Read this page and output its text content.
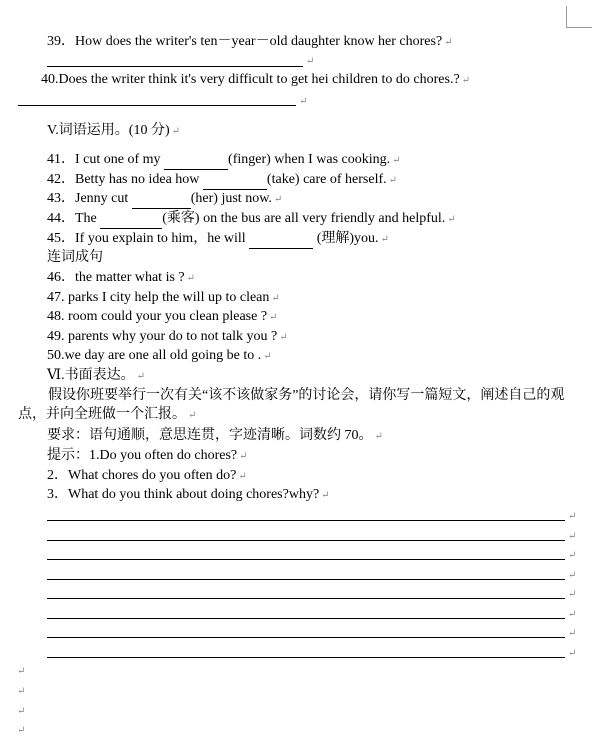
39．How does the writer's ten－year－old daughter know her chores? ↵
↵
40.Does the writer think it's very difficult to get hei children to do chores.? ↵
↵
V.词语运用。(10 分) ↵
41．I cut one of my	(finger) when I was cooking. ↵
42．Betty has no idea how	(take) care of herself. ↵
43．Jenny cut	(her) just now. ↵
44．The	(乘客) on the bus are all very friendly and helpful. ↵
45．If you explain to him，he will	(理解)you. ↵
连词成句
46．the matter what is ? ↵
47. parks I city help the will up to clean ↵
48. room could your you clean please ? ↵
49. parents why your do to not talk you ? ↵
50.we day are one all old going be to . ↵
Ⅵ.书面表达。 ↵
假设你班要举行一次有关“该不该做家务”的讨论会，请你写一篇短文，阐述自己的观点，并向全班做一个汇报。 ↵
要求：语句通顺，意思连贯，字迹清晰。词数约 70。 ↵
提示：1.Do you often do chores? ↵
2．What chores do you often do? ↵
3．What do you think about doing chores?why? ↵
↵
↵
↵
↵
↵
↵
↵
↵
↵
↵
↵
↵
